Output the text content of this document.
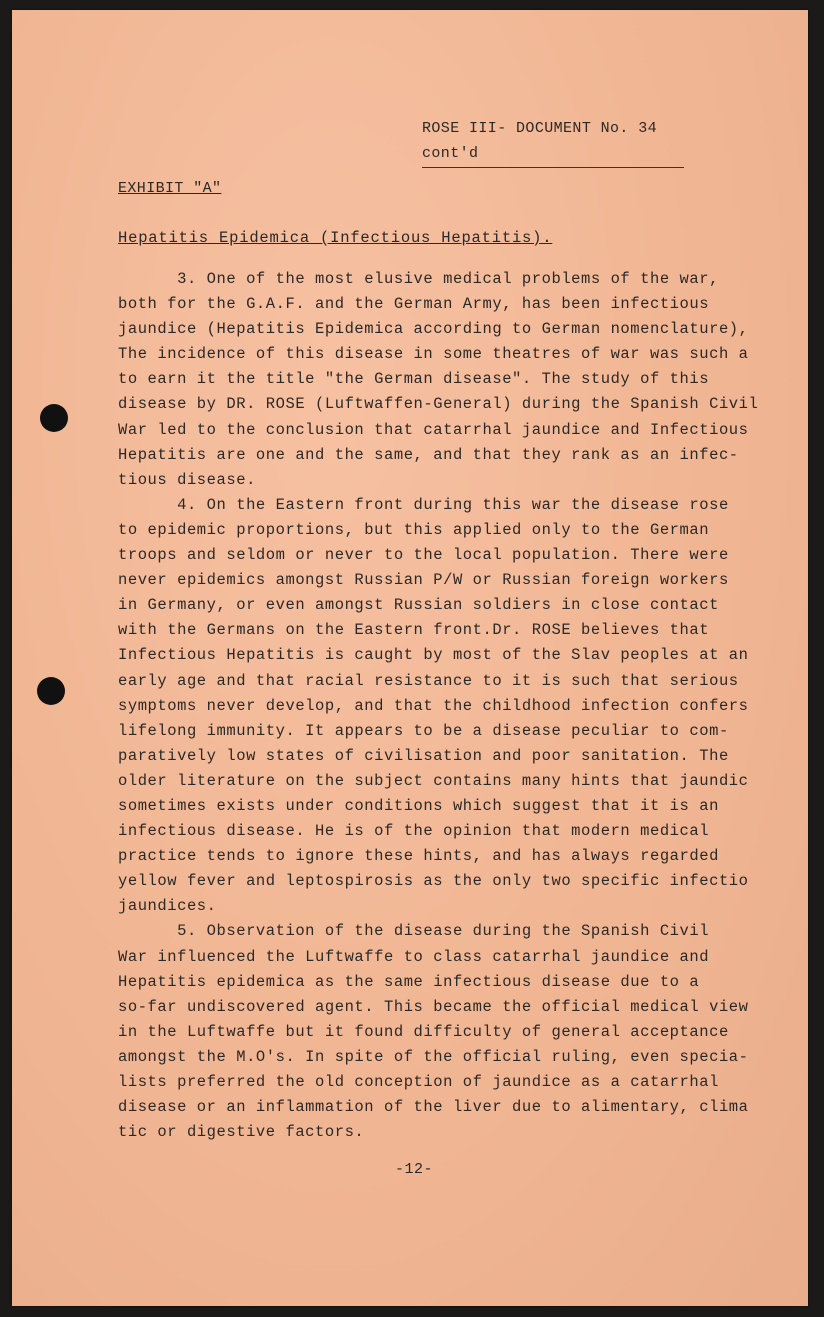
ROSE III- DOCUMENT No. 34
cont'd
EXHIBIT "A"
Hepatitis Epidemica (Infectious Hepatitis).
3. One of the most elusive medical problems of the war,
both for the G.A.F. and the German Army, has been infectious
jaundice (Hepatitis Epidemica according to German nomenclature),
The incidence of this disease in some theatres of war was such a
to earn it the title "the German disease". The study of this
disease by DR. ROSE (Luftwaffen-General) during the Spanish Civil
War led to the conclusion that catarrhal jaundice and Infectious
Hepatitis are one and the same, and that they rank as an infec-
tious disease.
4. On the Eastern front during this war the disease rose
to epidemic proportions, but this applied only to the German
troops and seldom or never to the local population. There were
never epidemics amongst Russian P/W or Russian foreign workers
in Germany, or even amongst Russian soldiers in close contact
with the Germans on the Eastern front.Dr. ROSE believes that
Infectious Hepatitis is caught by most of the Slav peoples at an
early age and that racial resistance to it is such that serious
symptoms never develop, and that the childhood infection confers
lifelong immunity. It appears to be a disease peculiar to com-
paratively low states of civilisation and poor sanitation. The
older literature on the subject contains many hints that jaundic
sometimes exists under conditions which suggest that it is an
infectious disease. He is of the opinion that modern medical
practice tends to ignore these hints, and has always regarded
yellow fever and leptospirosis as the only two specific infectio
jaundices.
5. Observation of the disease during the Spanish Civil
War influenced the Luftwaffe to class catarrhal jaundice and
Hepatitis epidemica as the same infectious disease due to a
so-far undiscovered agent. This became the official medical view
in the Luftwaffe but it found difficulty of general acceptance
amongst the M.O's. In spite of the official ruling, even specia-
lists preferred the old conception of jaundice as a catarrhal
disease or an inflammation of the liver due to alimentary, clima
tic or digestive factors.
-12-
